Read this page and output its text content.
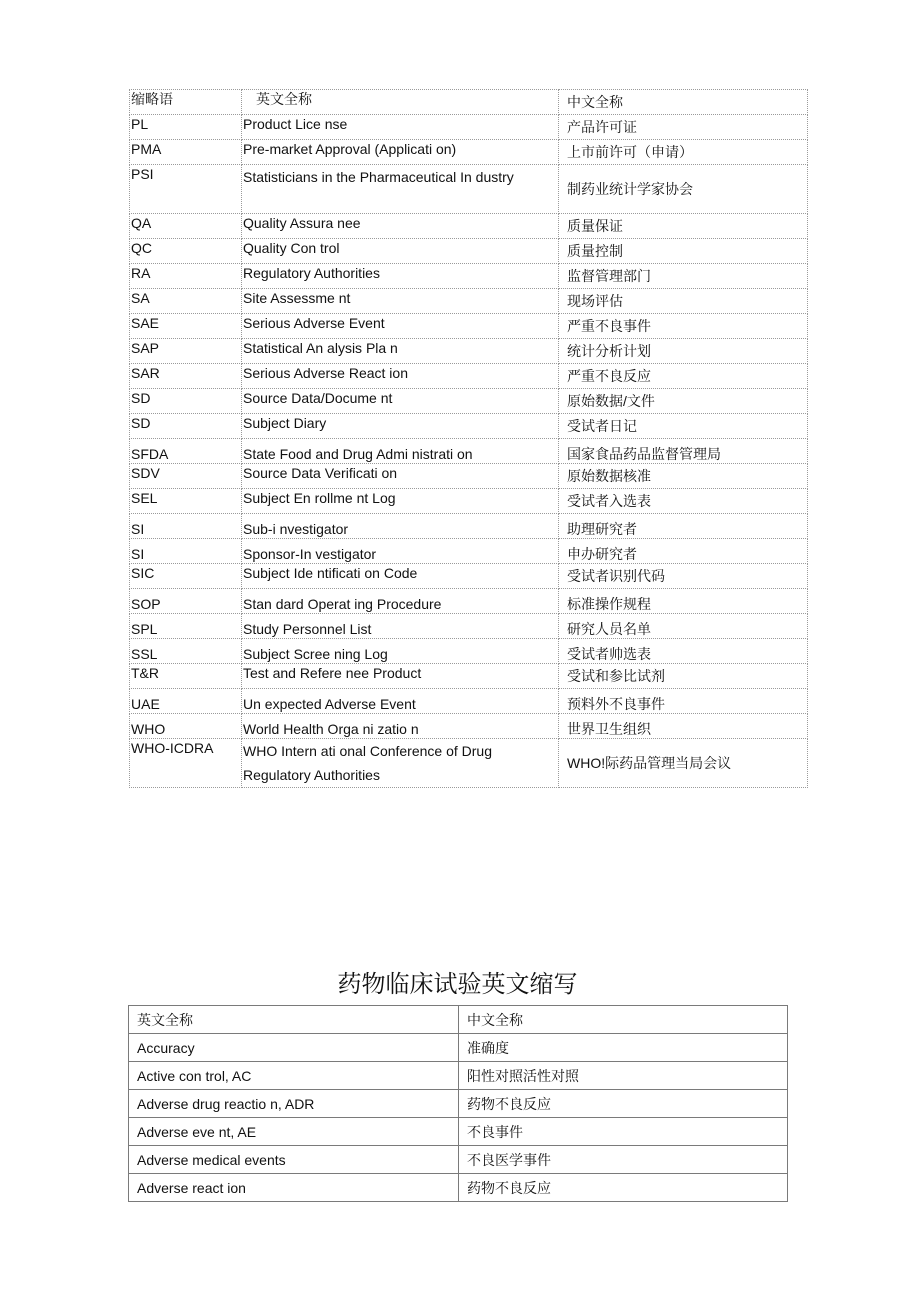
缩略语	英文全称	中文全称
PL	Product Lice nse	产品许可证
PMA	Pre-market Approval (Applicati on)	上市前许可（申请）
PSI	Statisticians in the Pharmaceutical In dustry	制药业统计学家协会
QA	Quality Assura nee	质量保证
QC	Quality Con trol	质量控制
RA	Regulatory Authorities	监督管理部门
SA	Site Assessme nt	现场评估
SAE	Serious Adverse Event	严重不良事件
SAP	Statistical An alysis Pla n	统计分析计划
SAR	Serious Adverse React ion	严重不良反应
SD	Source Data/Docume nt	原始数据/文件
SD	Subject Diary	受试者日记
SFDA	State Food and Drug Admi nistrati on	国家食品药品监督管理局
SDV	Source Data Verificati on	原始数据核准
SEL	Subject En rollme nt Log	受试者入选表
SI	Sub-i nvestigator	助理研究者
SI	Sponsor-In vestigator	申办研究者
SIC	Subject Ide ntificati on Code	受试者识别代码
SOP	Stan dard Operat ing Procedure	标准操作规程
SPL	Study Personnel List	研究人员名单
SSL	Subject Scree ning Log	受试者帅选表
T&R	Test and Refere nee Product	受试和参比试剂
UAE	Un expected Adverse Event	预料外不良事件
WHO	World Health Orga ni zatio n	世界卫生组织
WHO-ICDRA	WHO Intern ati onal Conference of Drug Regulatory Authorities	WHO!际药品管理当局会议
药物临床试验英文缩写
英文全称	中文全称
Accuracy	准确度
Active con trol, AC	阳性对照活性对照
Adverse drug reactio n, ADR	药物不良反应
Adverse eve nt, AE	不良事件
Adverse medical events	不良医学事件
Adverse react ion	药物不良反应
